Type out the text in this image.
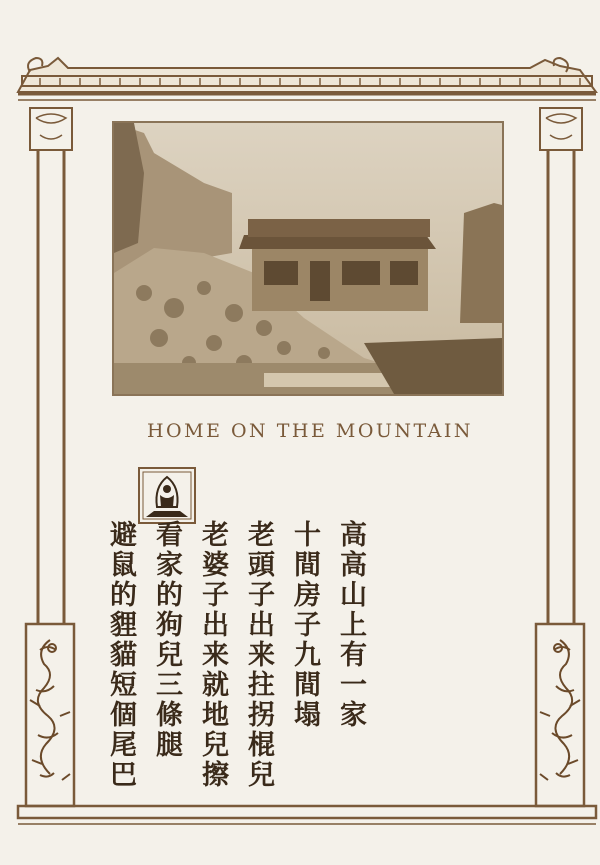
HOME ON THE MOUNTAIN
高高山上有一家
十間房子九間塌
老頭子出来拄拐棍兒
老婆子出来就地兒擦
看家的狗兒三條腿
避鼠的貍貓短個尾巴
